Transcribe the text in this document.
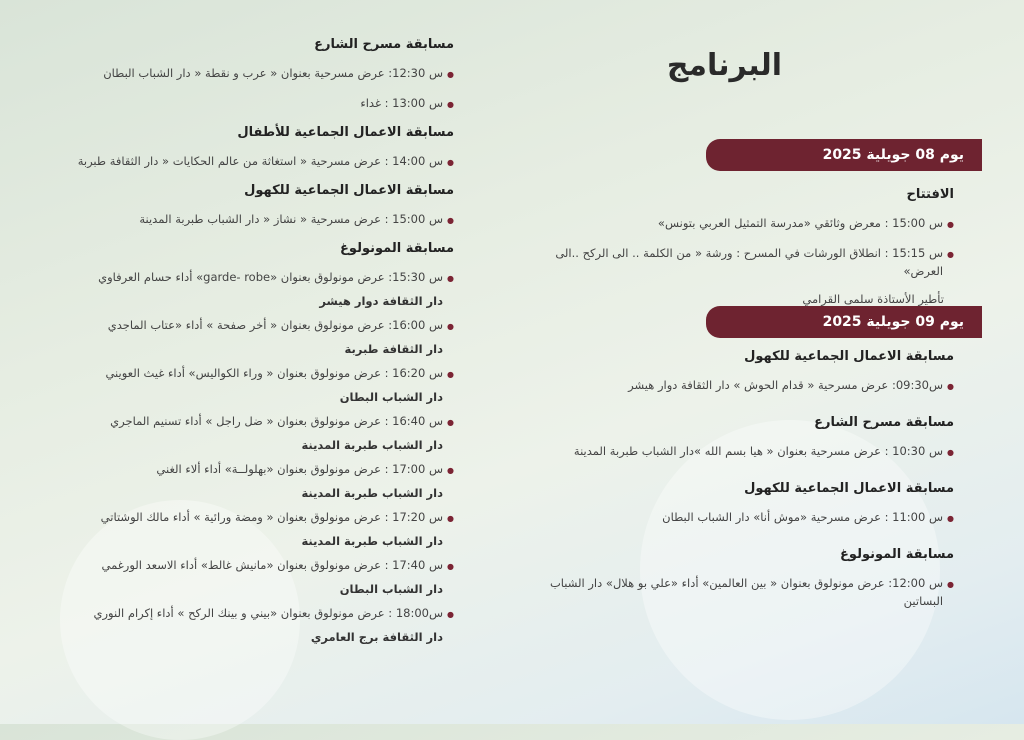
البرنامج
يوم 08 جويلية 2025
الافتتاح
●
س 15:00 : معرض وثائقي «مدرسة التمثيل العربي بتونس»
●
س 15:15 : انطلاق الورشات في المسرح : ورشة « من الكلمة .. الى الركح ..الى العرض»
تأطير الأستاذة سلمى القرامي
يوم 09 جويلية 2025
مسابقة الاعمال الجماعية للكهول
●
س09:30: عرض مسرحية « قدام الحوش » دار الثقافة دوار هيشر
مسابقة مسرح الشارع
●
س 10:30 : عرض مسرحية بعنوان « هيا بسم الله »دار الشباب طبربة المدينة
مسابقة الاعمال الجماعية للكهول
●
س 11:00 : عرض مسرحية «موش أنا» دار الشباب البطان
مسابقة المونولوغ
●
س 12:00: عرض مونولوق بعنوان « بين العالمين» أداء «علي بو هلال» دار الشباب البساتين
مسابقة مسرح الشارع
●
س 12:30: عرض مسرحية بعنوان « عرب و نقطة « دار الشباب البطان
●
س 13:00 : غداء
مسابقة الاعمال الجماعية للأطفال
●
س 14:00 : عرض مسرحية « استغاثة من عالم الحكايات « دار الثقافة طبربة
مسابقة الاعمال الجماعية للكهول
●
س 15:00 : عرض مسرحية « نشاز « دار الشباب طبربة المدينة
مسابقة المونولوغ
●
س 15:30: عرض مونولوق بعنوان «garde- robe» أداء حسام العرفاوي
دار الثقافة دوار هيشر
●
س 16:00: عرض مونولوق بعنوان « أخر صفحة » أداء «عتاب الماجدي
دار الثقافة طبربة
●
س 16:20 : عرض مونولوق بعنوان « وراء الكواليس» أداء غيث العويني
دار الشباب البطان
●
س 16:40 : عرض مونولوق بعنوان « ضل راجل » أداء تسنيم الماجري
دار الشباب طبربة المدينة
●
س 17:00 : عرض مونولوق بعنوان «بهلولــة» أداء ألاء الغني
دار الشباب طبربة المدينة
●
س 17:20 : عرض مونولوق بعنوان « ومضة ورائية » أداء مالك الوشتاتي
دار الشباب طبربة المدينة
●
س 17:40 : عرض مونولوق بعنوان «مانيش غالط» أداء الاسعد الورغمي
دار الشباب البطان
●
س18:00 : عرض مونولوق بعنوان «بيني و بينك الركح » أداء إكرام النوري
دار الثقافة برج العامري
